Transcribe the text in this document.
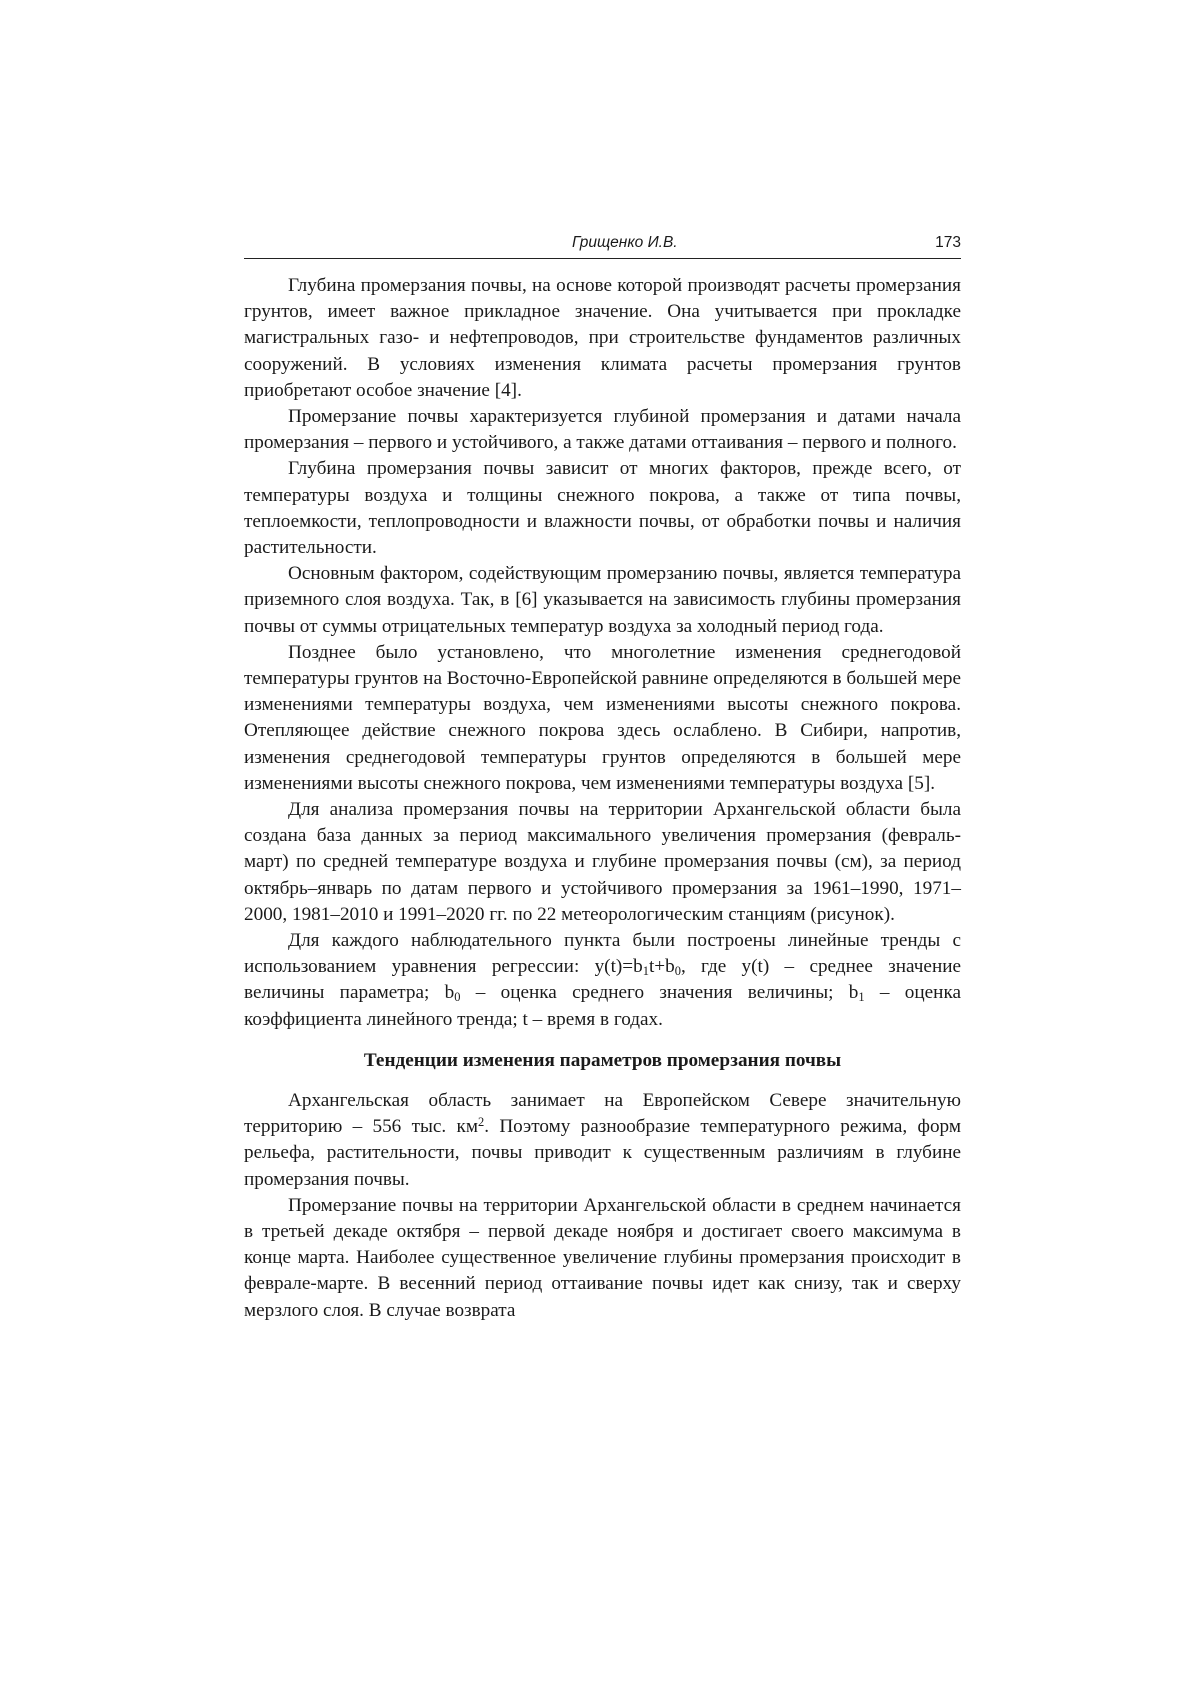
Грищенко И.В.	173

Глубина промерзания почвы, на основе которой производят расчеты промерзания грунтов, имеет важное прикладное значение. Она учитывается при прокладке магистральных газо- и нефтепроводов, при строительстве фундаментов различных сооружений. В условиях изменения климата расчеты промерзания грунтов приобретают особое значение [4].

Промерзание почвы характеризуется глубиной промерзания и датами начала промерзания – первого и устойчивого, а также датами оттаивания – первого и полного.

Глубина промерзания почвы зависит от многих факторов, прежде всего, от температуры воздуха и толщины снежного покрова, а также от типа почвы, теплоемкости, теплопроводности и влажности почвы, от обработки почвы и наличия растительности.

Основным фактором, содействующим промерзанию почвы, является температура приземного слоя воздуха. Так, в [6] указывается на зависимость глубины промерзания почвы от суммы отрицательных температур воздуха за холодный период года.

Позднее было установлено, что многолетние изменения среднегодовой температуры грунтов на Восточно-Европейской равнине определяются в большей мере изменениями температуры воздуха, чем изменениями высоты снежного покрова. Отепляющее действие снежного покрова здесь ослаблено. В Сибири, напротив, изменения среднегодовой температуры грунтов определяются в большей мере изменениями высоты снежного покрова, чем изменениями температуры воздуха [5].

Для анализа промерзания почвы на территории Архангельской области была создана база данных за период максимального увеличения промерзания (февраль-март) по средней температуре воздуха и глубине промерзания почвы (см), за период октябрь–январь по датам первого и устойчивого промерзания за 1961–1990, 1971–2000, 1981–2010 и 1991–2020 гг. по 22 метеорологическим станциям (рисунок).

Для каждого наблюдательного пункта были построены линейные тренды с использованием уравнения регрессии: $y(t)=b_1t+b_0$, где y(t) – среднее значение величины параметра; $b_0$ – оценка среднего значения величины; $b_1$ – оценка коэффициента линейного тренда; t – время в годах.

Тенденции изменения параметров промерзания почвы

Архангельская область занимает на Европейском Севере значительную территорию – 556 тыс. $км^2$. Поэтому разнообразие температурного режима, форм рельефа, растительности, почвы приводит к существенным различиям в глубине промерзания почвы.

Промерзание почвы на территории Архангельской области в среднем начинается в третьей декаде октября – первой декаде ноября и достигает своего максимума в конце марта. Наиболее существенное увеличение глубины промерзания происходит в феврале-марте. В весенний период оттаивание почвы идет как снизу, так и сверху мерзлого слоя. В случае возврата
